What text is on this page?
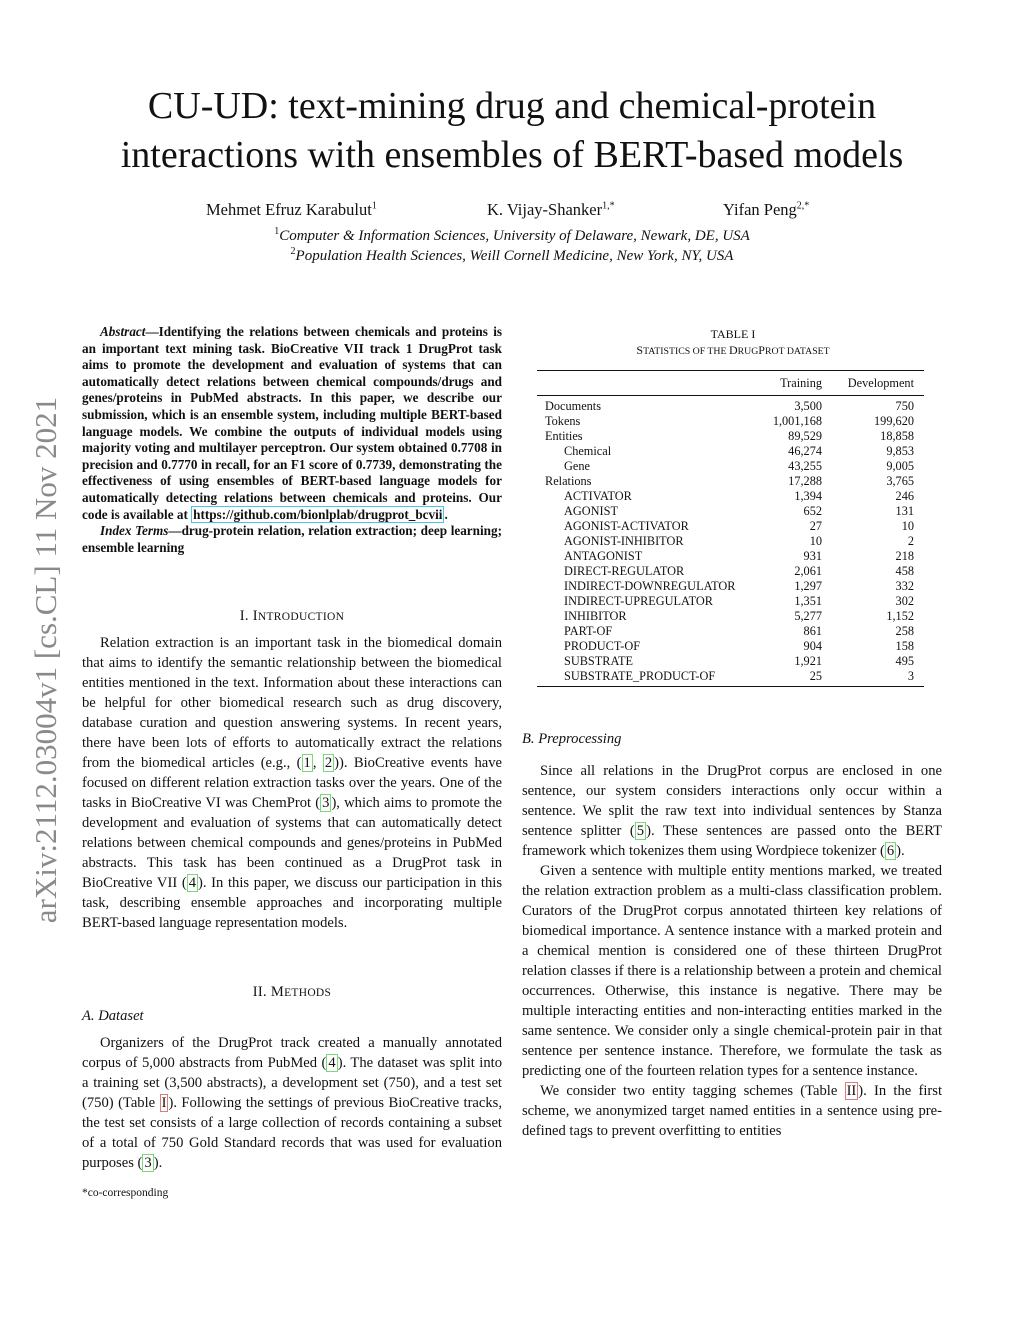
CU-UD: text-mining drug and chemical-protein
interactions with ensembles of BERT-based models
Mehmet Efruz Karabulut$^1$	K. Vijay-Shanker$^{1,*}$	Yifan Peng$^{2,*}$
$^1$Computer & Information Sciences, University of Delaware, Newark, DE, USA
$^2$Population Health Sciences, Weill Cornell Medicine, New York, NY, USA
arXiv:2112.03004v1 [cs.CL] 11 Nov 2021
Abstract—Identifying the relations between chemicals and proteins is an important text mining task. BioCreative VII track 1 DrugProt task aims to promote the development and evaluation of systems that can automatically detect relations between chemical compounds/drugs and genes/proteins in PubMed abstracts. In this paper, we describe our submission, which is an ensemble system, including multiple BERT-based language models. We combine the outputs of individual models using majority voting and multilayer perceptron. Our system obtained 0.7708 in precision and 0.7770 in recall, for an F1 score of 0.7739, demonstrating the effectiveness of using ensembles of BERT-based language models for automatically detecting relations between chemicals and proteins. Our code is available at https://github.com/bionlplab/drugprot_bcvii .
Index Terms—drug-protein relation, relation extraction; deep learning; ensemble learning
I. INTRODUCTION

Relation extraction is an important task in the biomedical domain that aims to identify the semantic relationship between the biomedical entities mentioned in the text. Information about these interactions can be helpful for other biomedical research such as drug discovery, database curation and question answering systems. In recent years, there have been lots of efforts to automatically extract the relations from the biomedical articles (e.g., ( 1 , 2 )). BioCreative events have focused on different relation extraction tasks over the years. One of the tasks in BioCreative VI was ChemProt ( 3 ), which aims to promote the development and evaluation of systems that can automatically detect relations between chemical compounds and genes/proteins in PubMed abstracts. This task has been continued as a DrugProt task in BioCreative VII ( 4 ). In this paper, we discuss our participation in this task, describing ensemble approaches and incorporating multiple BERT-based language representation models.

II. METHODS
A. Dataset

Organizers of the DrugProt track created a manually annotated corpus of 5,000 abstracts from PubMed ( 4 ). The dataset was split into a training set (3,500 abstracts), a development set (750), and a test set (750) (Table I ). Following the settings of previous BioCreative tracks, the test set consists of a large collection of records containing a subset of a total of 750 Gold Standard records that was used for evaluation purposes ( 3 ).

*co-corresponding
TABLE I
STATISTICS OF THE DRUGPROT DATASET
	Training	Development
Documents	3,500	750
Tokens	1,001,168	199,620
Entities	89,529	18,858
Chemical	46,274	9,853
Gene	43,255	9,005
Relations	17,288	3,765
ACTIVATOR	1,394	246
AGONIST	652	131
AGONIST-ACTIVATOR	27	10
AGONIST-INHIBITOR	10	2
ANTAGONIST	931	218
DIRECT-REGULATOR	2,061	458
INDIRECT-DOWNREGULATOR	1,297	332
INDIRECT-UPREGULATOR	1,351	302
INHIBITOR	5,277	1,152
PART-OF	861	258
PRODUCT-OF	904	158
SUBSTRATE	1,921	495
SUBSTRATE_PRODUCT-OF	25	3
B. Preprocessing

Since all relations in the DrugProt corpus are enclosed in one sentence, our system considers interactions only occur within a sentence. We split the raw text into individual sentences by Stanza sentence splitter ( 5 ). These sentences are passed onto the BERT framework which tokenizes them using Wordpiece tokenizer ( 6 ).

Given a sentence with multiple entity mentions marked, we treated the relation extraction problem as a multi-class classification problem. Curators of the DrugProt corpus annotated thirteen key relations of biomedical importance. A sentence instance with a marked protein and a chemical mention is considered one of these thirteen DrugProt relation classes if there is a relationship between a protein and chemical occurrences. Otherwise, this instance is negative. There may be multiple interacting entities and non-interacting entities marked in the same sentence. We consider only a single chemical-protein pair in that sentence per sentence instance. Therefore, we formulate the task as predicting one of the fourteen relation types for a sentence instance.

We consider two entity tagging schemes (Table II ). In the first scheme, we anonymized target named entities in a sentence using pre-defined tags to prevent overfitting to entities
